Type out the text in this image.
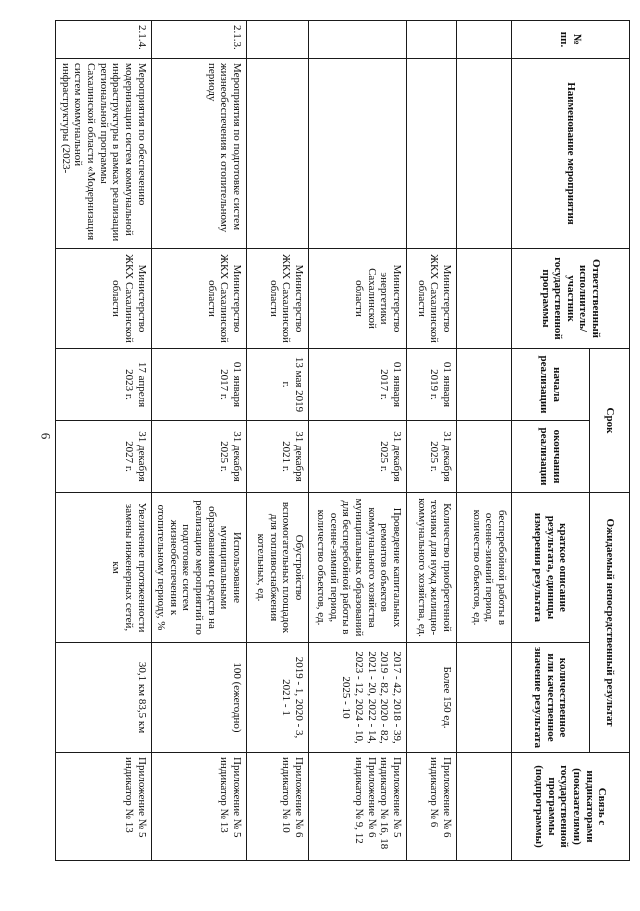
6
№ пп.	Наименование мероприятия	Ответственный исполнитель/участник государственной программы	Срок		Ожидаемый непосредственный результат		Связь с индикаторами (показателями) государственной программы (подпрограммы)
			начала реализации	окончания реализации	краткое описание результата, единицы измерения результата	количественное или качественное значение результата	
					бесперебойной работы в осенне-зимний период, количество объектов, ед.		
		Министерство ЖКХ Сахалинской области	01 января 2019 г.	31 декабря 2025 г.	Количество приобретенной техники для нужд жилищно-коммунального хозяйства, ед.	Более 150 ед.	Приложение № 6 индикатор № 6
		Министерство энергетики Сахалинской области	01 января 2017 г.	31 декабря 2025 г.	Проведение капитальных ремонтов объектов коммунального хозяйства муниципальных образований для бесперебойной работы в осенне-зимний период, количество объектов, ед.	2017 - 42, 2018 - 39, 2019 - 82, 2020 - 82, 2021 - 20, 2022 - 14, 2023 - 12, 2024 - 10, 2025 - 10	Приложение № 5 индикатор № 16, 18 Приложение № 6 индикатор № 9, 12
		Министерство ЖКХ Сахалинской области	13 мая 2019 г.	31 декабря 2021 г.	Обустройство вспомогательных площадок для топливоснабжения котельных, ед.	2019 - 1, 2020 - 3, 2021 - 1	Приложение № 6 индикатор № 10
2.1.3.	Мероприятия по подготовке систем жизнеобеспечения к отопительному периоду	Министерство ЖКХ Сахалинской области	01 января 2017 г.	31 декабря 2025 г.	Использование муниципальными образованиями средств на реализацию мероприятий по подготовке систем жизнеобеспечения к отопительному периоду, %	100 (ежегодно)	Приложение № 5 индикатор № 13
2.1.4.	Мероприятия по обеспечению модернизации систем коммунальной инфраструктуры в рамках реализации региональной программы Сахалинской области «Модернизация систем коммунальной инфраструктуры (2023-	Министерство ЖКХ Сахалинской области	17 апреля 2023 г.	31 декабря 2027 г.	Увеличение протяженности замены инженерных сетей, км	30,1 км 83,5 км	Приложение № 5 индикатор № 13
